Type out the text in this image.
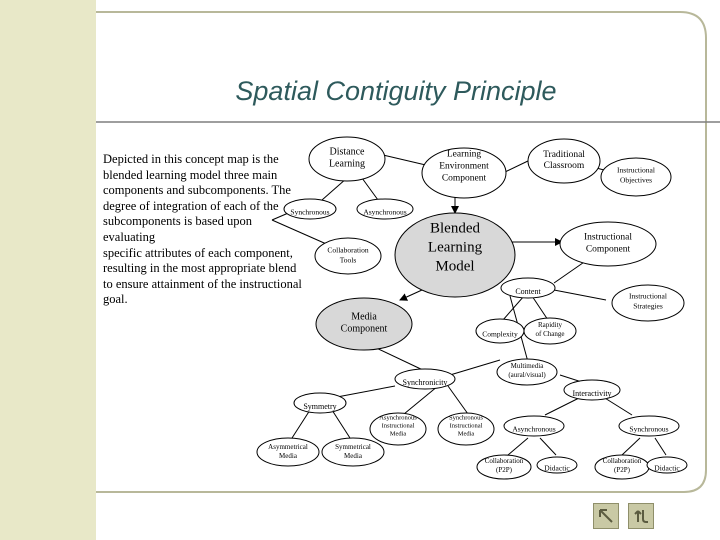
Distance Learning
Learning Environment Component
Traditional Classroom	Instructional Objectives
Synchronous	Asynchronous
Blended Learning Model
Instructional Component
Collaboration Tools
Content
Instructional Strategies
Media Component	Complexity
Rapidity of Change
Multimedia (aural/visual)
Synchronicity
Interactivity
Symmetry
Asynchronous Instructional Media
Synchronous Instructional Media
Asynchronous	Synchronous
Asymmetrical Media
Symmetrical Media
Collaboration (P2P)	Didactic
Collaboration (P2P)	Didactic
Spatial Contiguity Principle
Depicted in this concept map is the
blended learning model three main
components and subcomponents. The
degree of integration of each of the
subcomponents is based upon evaluating
specific attributes of each component,
resulting in the most appropriate blend
to ensure attainment of the instructional
goal.
